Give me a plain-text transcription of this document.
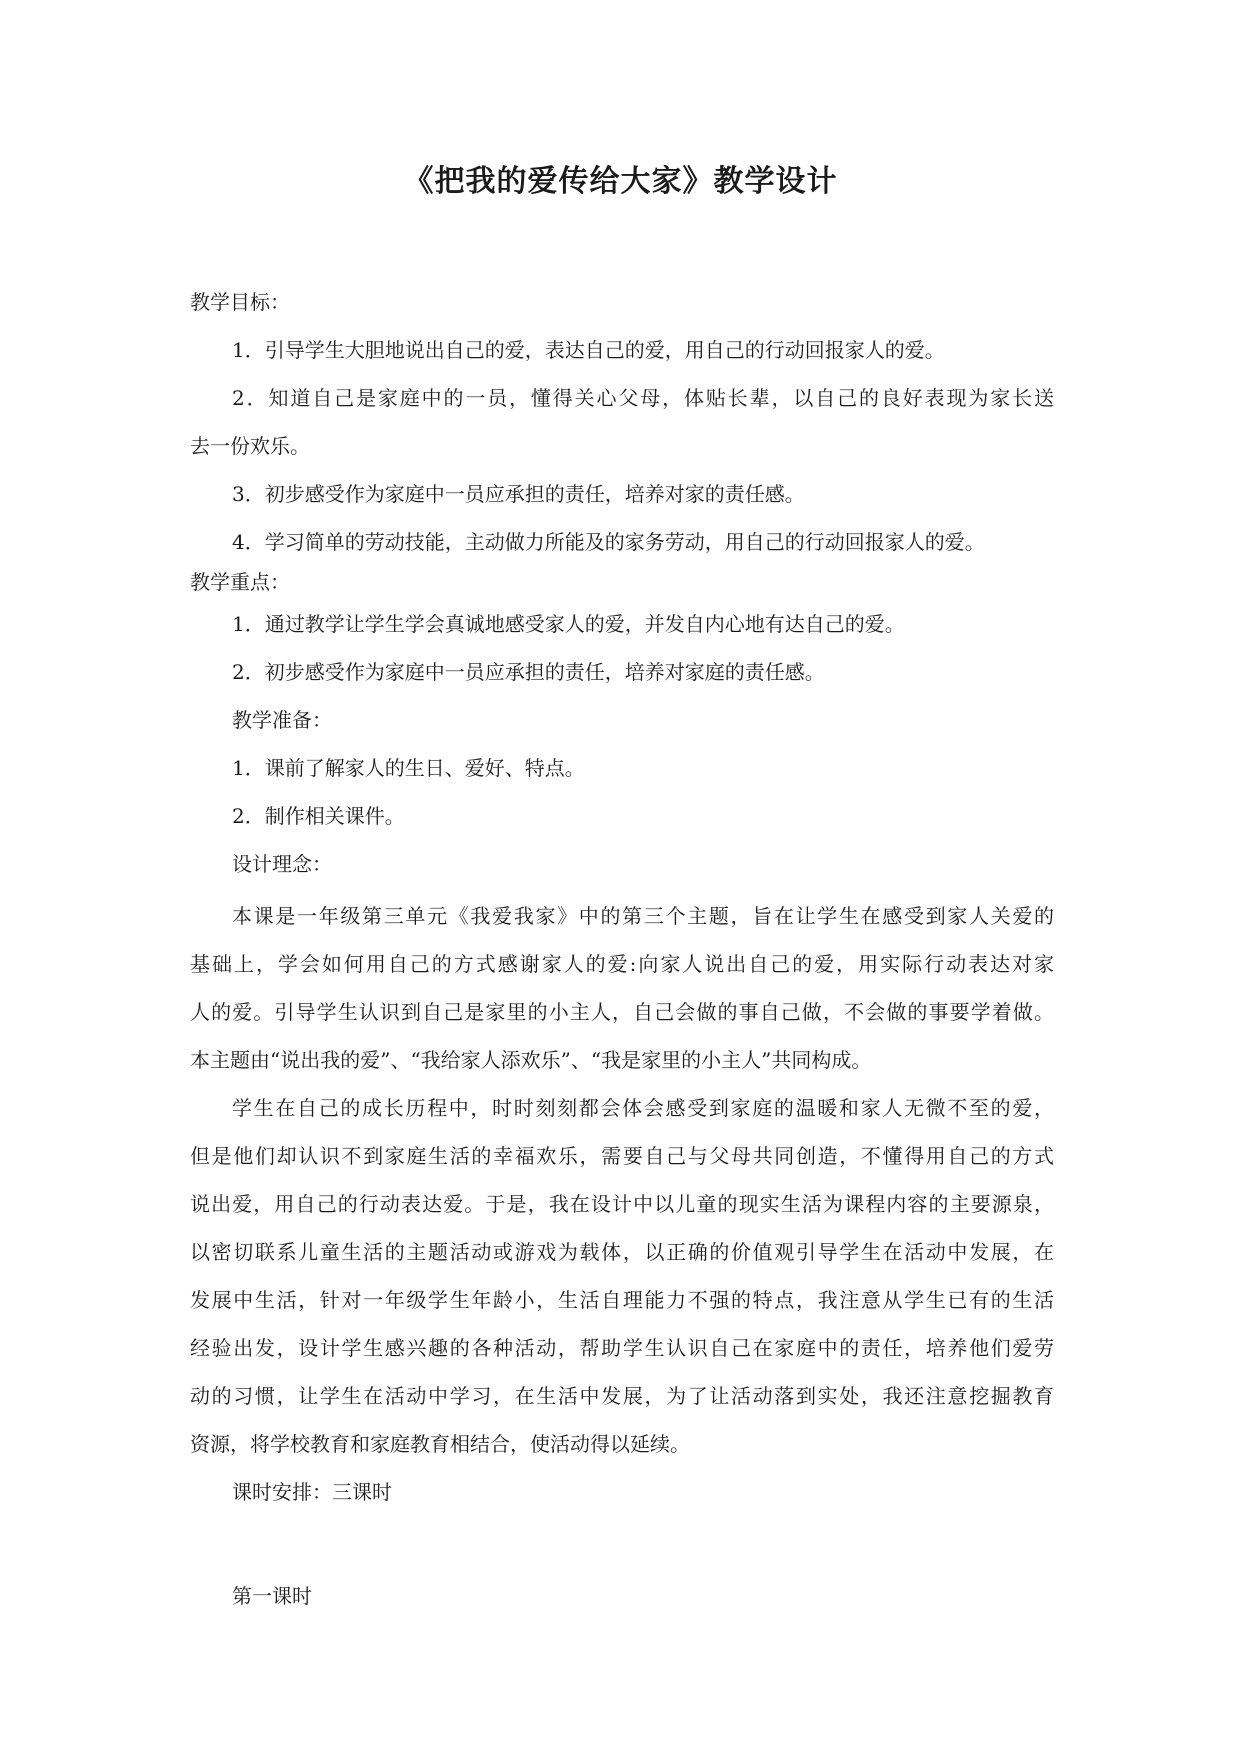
《把我的爱传给大家》教学设计
教学目标：
1．引导学生大胆地说出自己的爱，表达自己的爱，用自己的行动回报家人的爱。
2．知道自己是家庭中的一员，懂得关心父母，体贴长辈，以自己的良好表现为家长送
去一份欢乐。
3．初步感受作为家庭中一员应承担的责任，培养对家的责任感。
4．学习简单的劳动技能，主动做力所能及的家务劳动，用自己的行动回报家人的爱。
教学重点：
1．通过教学让学生学会真诚地感受家人的爱，并发自内心地有达自己的爱。
2．初步感受作为家庭中一员应承担的责任，培养对家庭的责任感。
教学准备：
1．课前了解家人的生日、爱好、特点。
2．制作相关课件。
设计理念：
本课是一年级第三单元《我爱我家》中的第三个主题，旨在让学生在感受到家人关爱的
基础上，学会如何用自己的方式感谢家人的爱:向家人说出自己的爱，用实际行动表达对家
人的爱。引导学生认识到自己是家里的小主人，自己会做的事自己做，不会做的事要学着做。
本主题由“说出我的爱”、“我给家人添欢乐”、“我是家里的小主人”共同构成。
学生在自己的成长历程中，时时刻刻都会体会感受到家庭的温暖和家人无微不至的爱，
但是他们却认识不到家庭生活的幸福欢乐，需要自己与父母共同创造，不懂得用自己的方式
说出爱，用自己的行动表达爱。于是，我在设计中以儿童的现实生活为课程内容的主要源泉，
以密切联系儿童生活的主题活动或游戏为载体，以正确的价值观引导学生在活动中发展，在
发展中生活，针对一年级学生年龄小，生活自理能力不强的特点，我注意从学生已有的生活
经验出发，设计学生感兴趣的各种活动，帮助学生认识自己在家庭中的责任，培养他们爱劳
动的习惯，让学生在活动中学习，在生活中发展，为了让活动落到实处，我还注意挖掘教育
资源，将学校教育和家庭教育相结合，使活动得以延续。
课时安排：三课时
第一课时
